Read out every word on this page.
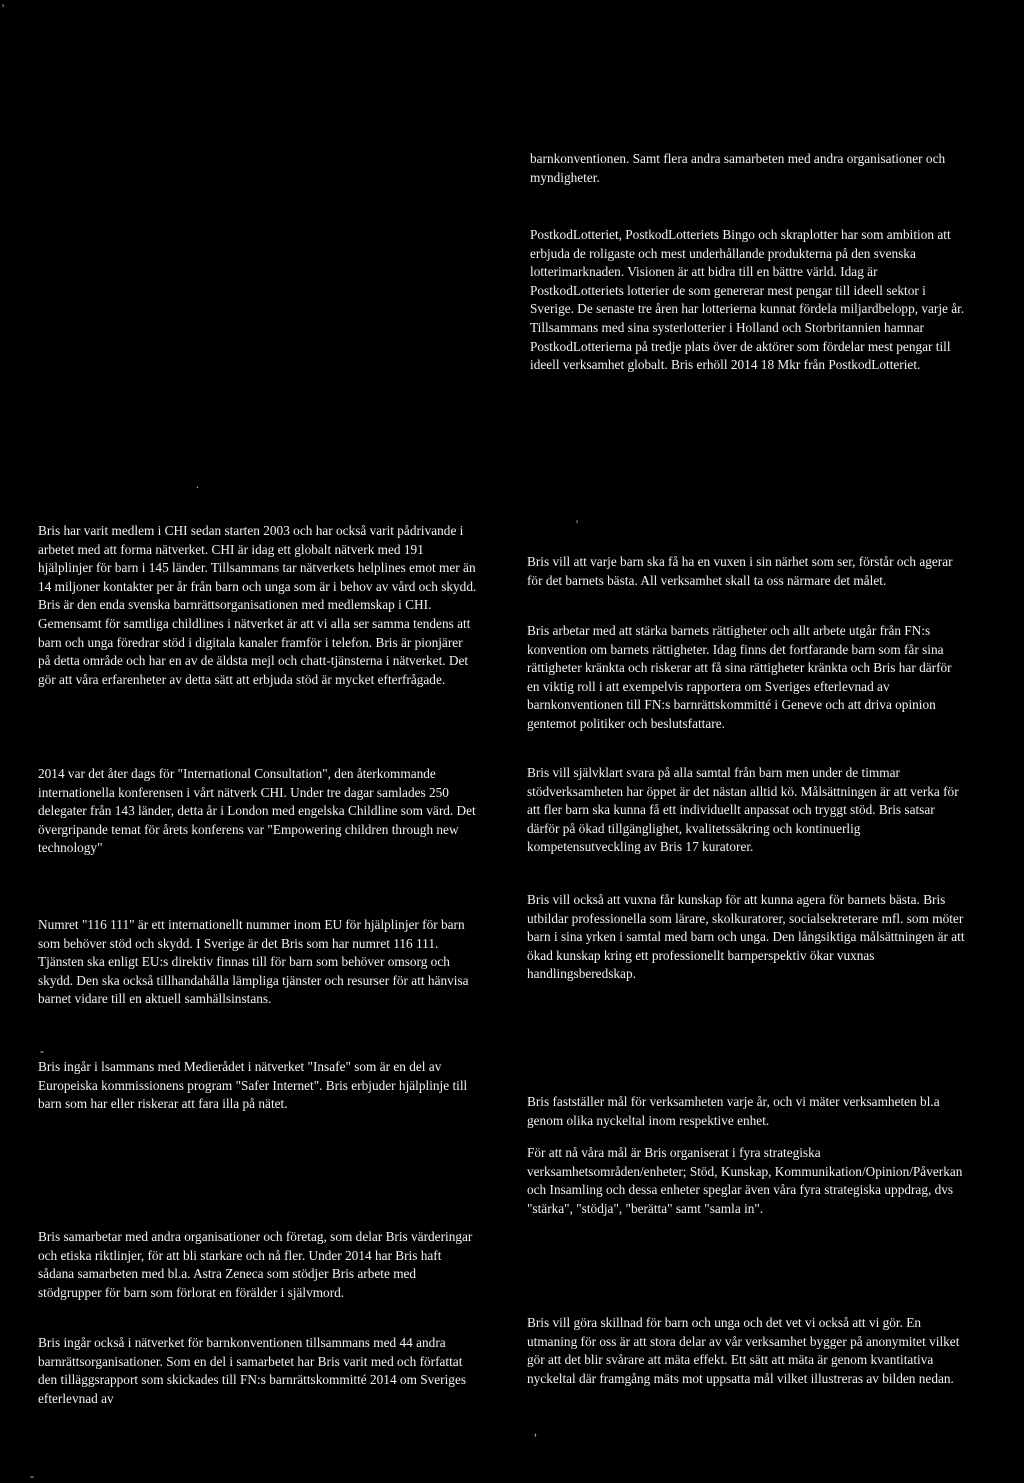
barnkonventionen. Samt flera andra samarbeten med andra organisationer och myndigheter.

PostkodLotteriet, PostkodLotteriets Bingo och skraplotter har som ambition att erbjuda de roligaste och mest underhållande produkterna på den svenska lotterimarknaden. Visionen är att bidra till en bättre värld. Idag är PostkodLotteriets lotterier de som genererar mest pengar till ideell sektor i Sverige. De senaste tre åren har lotterierna kunnat fördela miljardbelopp, varje år. Tillsammans med sina systerlotterier i Holland och Storbritannien hamnar PostkodLotterierna på tredje plats över de aktörer som fördelar mest pengar till ideell verksamhet globalt. Bris erhöll 2014 18 Mkr från PostkodLotteriet.

Bris har varit medlem i CHI sedan starten 2003 och har också varit pådrivande i arbetet med att forma nätverket. CHI är idag ett globalt nätverk med 191 hjälplinjer för barn i 145 länder. Tillsammans tar nätverkets helplines emot mer än 14 miljoner kontakter per år från barn och unga som är i behov av vård och skydd. Bris är den enda svenska barnrättsorganisationen med medlemskap i CHI. Gemensamt för samtliga childlines i nätverket är att vi alla ser samma tendens att barn och unga föredrar stöd i digitala kanaler framför i telefon. Bris är pionjärer på detta område och har en av de äldsta mejl och chatt-tjänsterna i nätverket. Det gör att våra erfarenheter av detta sätt att erbjuda stöd är mycket efterfrågade.

2014 var det åter dags för "International Consultation", den återkommande internationella konferensen i vårt nätverk CHI. Under tre dagar samlades 250 delegater från 143 länder, detta år i London med engelska Childline som värd. Det övergripande temat för årets konferens var "Empowering children through new technology"

Numret "116 111" är ett internationellt nummer inom EU för hjälplinjer för barn som behöver stöd och skydd. I Sverige är det Bris som har numret 116 111. Tjänsten ska enligt EU:s direktiv finnas till för barn som behöver omsorg och skydd. Den ska också tillhandahålla lämpliga tjänster och resurser för att hänvisa barnet vidare till en aktuell samhällsinstans.

Bris ingår i lsammans med Medierådet i nätverket "Insafe" som är en del av Europeiska kommissionens program "Safer Internet". Bris erbjuder hjälplinje till barn som har eller riskerar att fara illa på nätet.

Bris samarbetar med andra organisationer och företag, som delar Bris värderingar och etiska riktlinjer, för att bli starkare och nå fler. Under 2014 har Bris haft sådana samarbeten med bl.a. Astra Zeneca som stödjer Bris arbete med stödgrupper för barn som förlorat en förälder i självmord.

Bris ingår också i nätverket för barnkonventionen tillsammans med 44 andra barnrättsorganisationer. Som en del i samarbetet har Bris varit med och författat den tilläggsrapport som skickades till FN:s barnrättskommitté 2014 om Sveriges efterlevnad av

Bris vill att varje barn ska få ha en vuxen i sin närhet som ser, förstår och agerar för det barnets bästa. All verksamhet skall ta oss närmare det målet.

Bris arbetar med att stärka barnets rättigheter och allt arbete utgår från FN:s konvention om barnets rättigheter. Idag finns det fortfarande barn som får sina rättigheter kränkta och riskerar att få sina rättigheter kränkta och Bris har därför en viktig roll i att exempelvis rapportera om Sveriges efterlevnad av barnkonventionen till FN:s barnrättskommitté i Geneve och att driva opinion gentemot politiker och beslutsfattare.

Bris vill självklart svara på alla samtal från barn men under de timmar stödverksamheten har öppet är det nästan alltid kö. Målsättningen är att verka för att fler barn ska kunna få ett individuellt anpassat och tryggt stöd. Bris satsar därför på ökad tillgänglighet, kvalitetssäkring och kontinuerlig kompetensutveckling av Bris 17 kuratorer.

Bris vill också att vuxna får kunskap för att kunna agera för barnets bästa. Bris utbildar professionella som lärare, skolkuratorer, socialsekreterare mfl. som möter barn i sina yrken i samtal med barn och unga. Den långsiktiga målsättningen är att ökad kunskap kring ett professionellt barnperspektiv ökar vuxnas handlingsberedskap.

Bris fastställer mål för verksamheten varje år, och vi mäter verksamheten bl.a genom olika nyckeltal inom respektive enhet.

För att nå våra mål är Bris organiserat i fyra strategiska verksamhetsområden/enheter; Stöd, Kunskap, Kommunikation/Opinion/Påverkan och Insamling och dessa enheter speglar även våra fyra strategiska uppdrag, dvs "stärka", "stödja", "berätta" samt "samla in".

Bris vill göra skillnad för barn och unga och det vet vi också att vi gör. En utmaning för oss är att stora delar av vår verksamhet bygger på anonymitet vilket gör att det blir svårare att mäta effekt. Ett sätt att mäta är genom kvantitativa nyckeltal där framgång mäts mot uppsatta mål vilket illustreras av bilden nedan.

'
.
'
-
-
,
